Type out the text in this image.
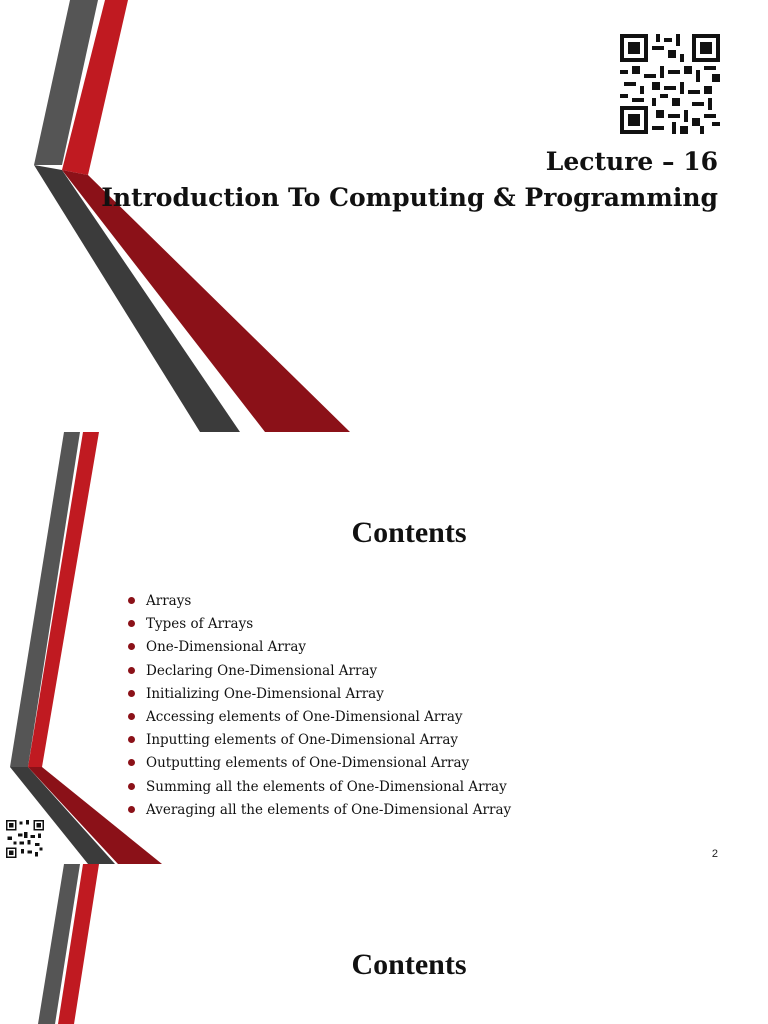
Lecture – 16
Introduction To Computing & Programming
Contents
Arrays
Types of Arrays
One-Dimensional Array
Declaring One-Dimensional Array
Initializing One-Dimensional Array
Accessing elements of One-Dimensional Array
Inputting elements of One-Dimensional Array
Outputting elements of One-Dimensional Array
Summing all the elements of One-Dimensional Array
Averaging all the elements of One-Dimensional Array
2
Contents
